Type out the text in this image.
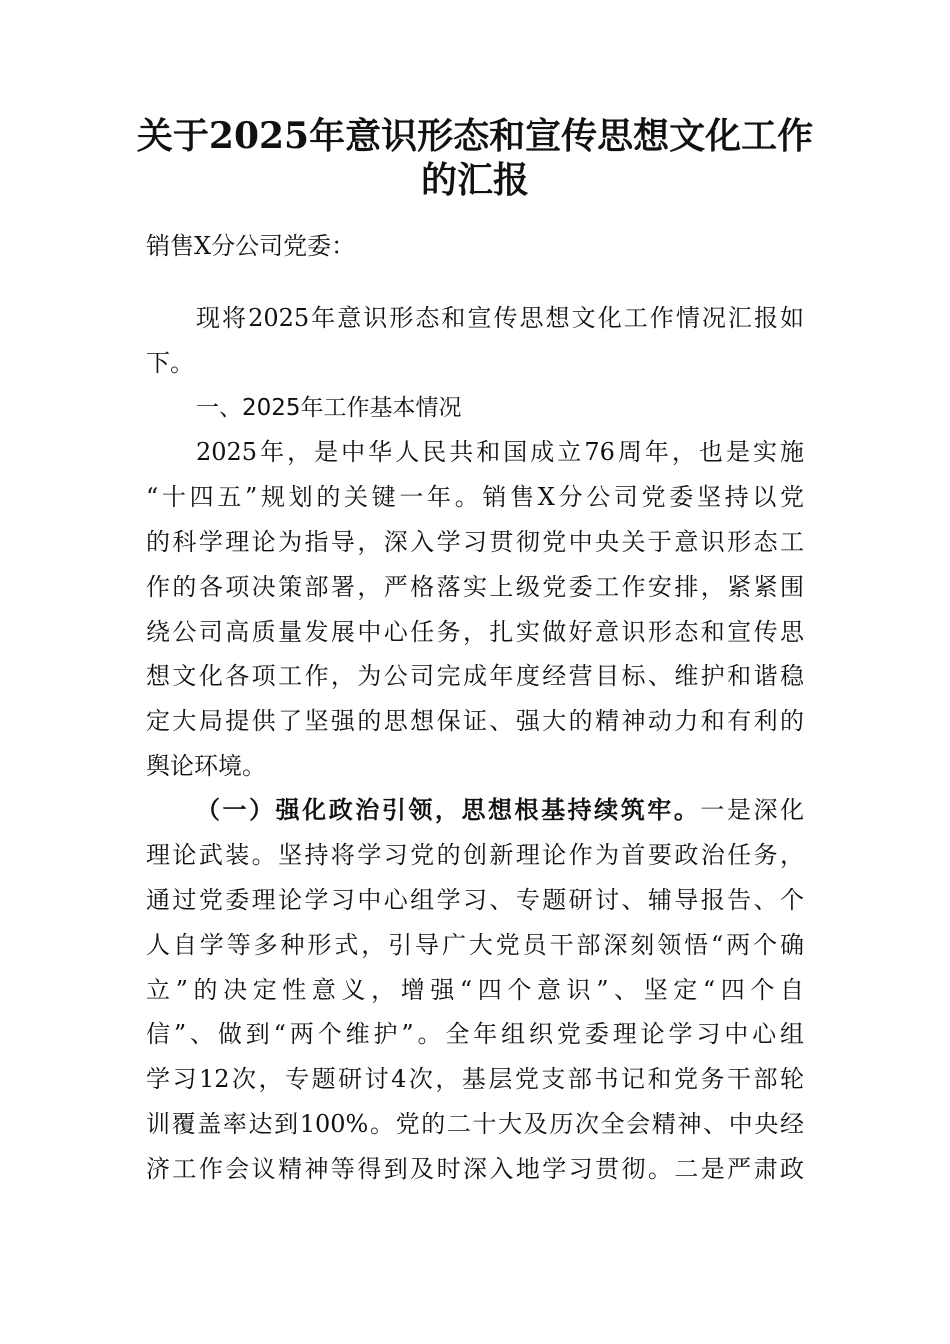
关于2025年意识形态和宣传思想文化工作
的汇报
销售X分公司党委：
现将2025年意识形态和宣传思想文化工作情况汇报如
下。
一、2025年工作基本情况
2025年，是中华人民共和国成立76周年，也是实施
“十四五”规划的关键一年。销售X分公司党委坚持以党
的科学理论为指导，深入学习贯彻党中央关于意识形态工
作的各项决策部署，严格落实上级党委工作安排，紧紧围
绕公司高质量发展中心任务，扎实做好意识形态和宣传思
想文化各项工作，为公司完成年度经营目标、维护和谐稳
定大局提供了坚强的思想保证、强大的精神动力和有利的
舆论环境。
（一）强化政治引领，思想根基持续筑牢。一是深化
理论武装。坚持将学习党的创新理论作为首要政治任务，
通过党委理论学习中心组学习、专题研讨、辅导报告、个
人自学等多种形式，引导广大党员干部深刻领悟“两个确
立”的决定性意义，增强“四个意识”、坚定“四个自
信”、做到“两个维护”。全年组织党委理论学习中心组
学习12次，专题研讨4次，基层党支部书记和党务干部轮
训覆盖率达到100%。党的二十大及历次全会精神、中央经
济工作会议精神等得到及时深入地学习贯彻。二是严肃政
